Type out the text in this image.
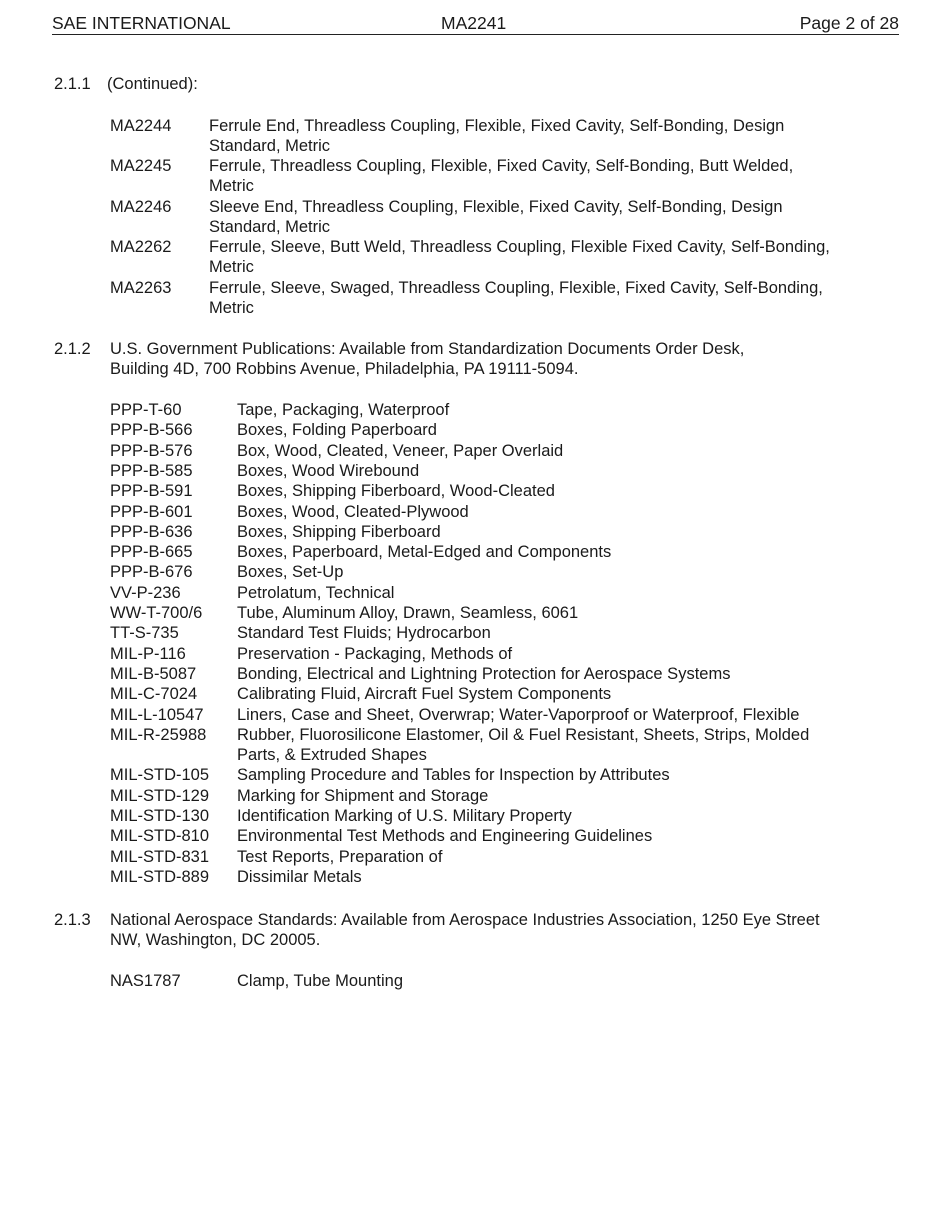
SAE INTERNATIONAL	MA2241	Page 2 of 28
2.1.1 (Continued):
MA2244 Ferrule End, Threadless Coupling, Flexible, Fixed Cavity, Self-Bonding, Design
Standard, Metric
MA2245 Ferrule, Threadless Coupling, Flexible, Fixed Cavity, Self-Bonding, Butt Welded,
Metric
MA2246 Sleeve End, Threadless Coupling, Flexible, Fixed Cavity, Self-Bonding, Design
Standard, Metric
MA2262 Ferrule, Sleeve, Butt Weld, Threadless Coupling, Flexible Fixed Cavity, Self-Bonding,
Metric
MA2263 Ferrule, Sleeve, Swaged, Threadless Coupling, Flexible, Fixed Cavity, Self-Bonding,
Metric
2.1.2 U.S. Government Publications: Available from Standardization Documents Order Desk,
Building 4D, 700 Robbins Avenue, Philadelphia, PA 19111-5094.
PPP-T-60	Tape, Packaging, Waterproof
PPP-B-566	Boxes, Folding Paperboard
PPP-B-576	Box, Wood, Cleated, Veneer, Paper Overlaid
PPP-B-585	Boxes, Wood Wirebound
PPP-B-591	Boxes, Shipping Fiberboard, Wood-Cleated
PPP-B-601	Boxes, Wood, Cleated-Plywood
PPP-B-636	Boxes, Shipping Fiberboard
PPP-B-665	Boxes, Paperboard, Metal-Edged and Components
PPP-B-676	Boxes, Set-Up
VV-P-236	Petrolatum, Technical
WW-T-700/6 Tube, Aluminum Alloy, Drawn, Seamless, 6061
TT-S-735	Standard Test Fluids; Hydrocarbon
MIL-P-116	Preservation - Packaging, Methods of
MIL-B-5087 Bonding, Electrical and Lightning Protection for Aerospace Systems
MIL-C-7024 Calibrating Fluid, Aircraft Fuel System Components
MIL-L-10547 Liners, Case and Sheet, Overwrap; Water-Vaporproof or Waterproof, Flexible
MIL-R-25988 Rubber, Fluorosilicone Elastomer, Oil & Fuel Resistant, Sheets, Strips, Molded
Parts, & Extruded Shapes
MIL-STD-105 Sampling Procedure and Tables for Inspection by Attributes
MIL-STD-129 Marking for Shipment and Storage
MIL-STD-130 Identification Marking of U.S. Military Property
MIL-STD-810 Environmental Test Methods and Engineering Guidelines
MIL-STD-831 Test Reports, Preparation of
MIL-STD-889 Dissimilar Metals
2.1.3 National Aerospace Standards: Available from Aerospace Industries Association, 1250 Eye Street
NW, Washington, DC 20005.
NAS1787	Clamp, Tube Mounting
